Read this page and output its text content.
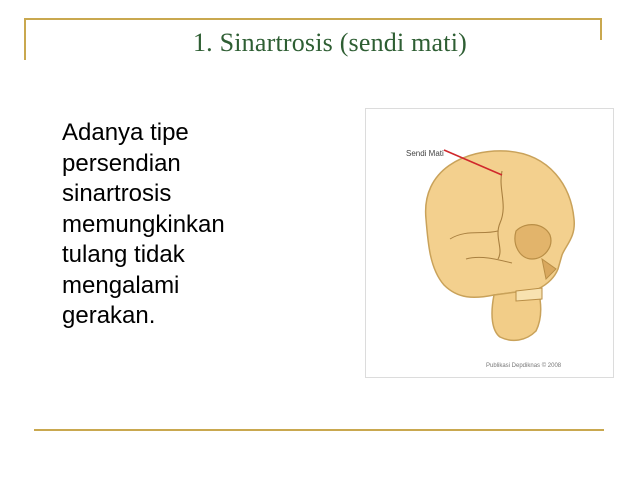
1. Sinartrosis (sendi mati)
Adanya tipe
persendian
sinartrosis
memungkinkan
tulang tidak
mengalami
gerakan.
Sendi Mati
Publikasi Depdiknas © 2008
